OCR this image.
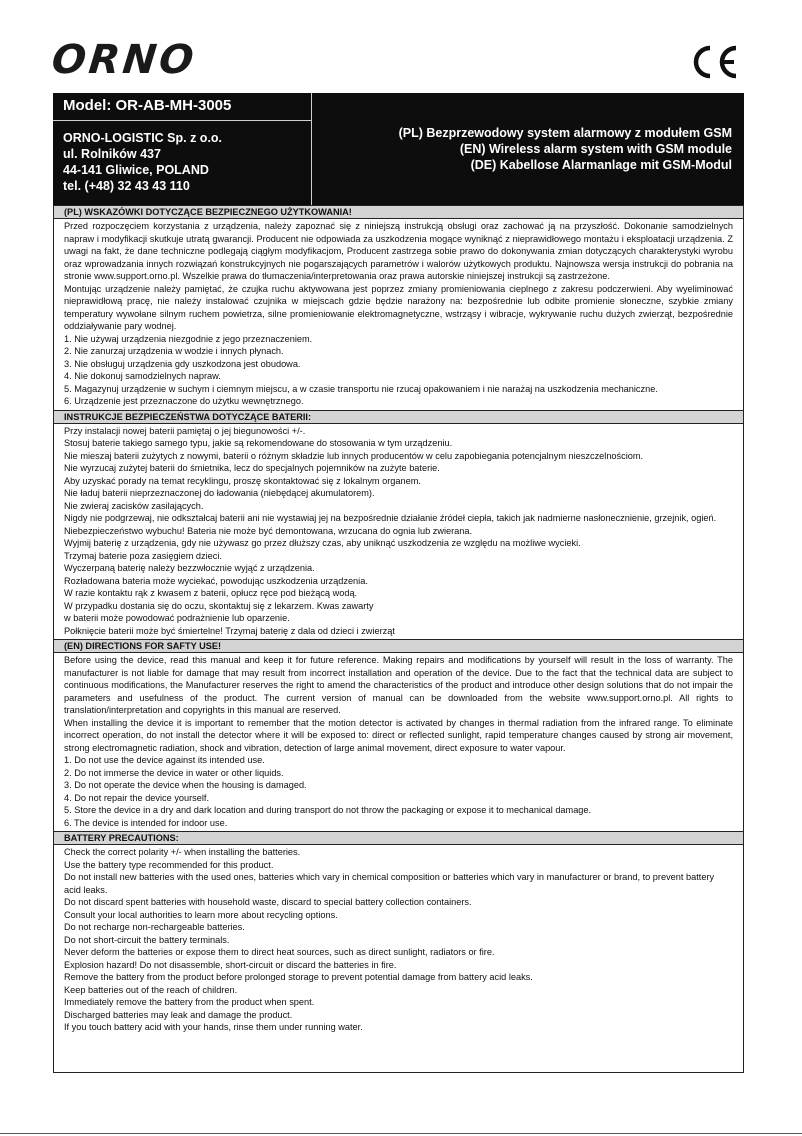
ORNO
Model: OR-AB-MH-3005
ORNO-LOGISTIC Sp. z o.o.
ul. Rolników 437
44-141 Gliwice, POLAND
tel. (+48) 32 43 43 110
(PL) Bezprzewodowy system alarmowy z modułem GSM
(EN) Wireless alarm system with GSM module
(DE) Kabellose Alarmanlage mit GSM-Modul
(PL) WSKAZÓWKI DOTYCZĄCE BEZPIECZNEGO UŻYTKOWANIA!

Przed rozpoczęciem korzystania z urządzenia, należy zapoznać się z niniejszą instrukcją obsługi oraz zachować ją na przyszłość. Dokonanie samodzielnych napraw i modyfikacji skutkuje utratą gwarancji. Producent nie odpowiada za uszkodzenia mogące wyniknąć z nieprawidłowego montażu i eksploatacji urządzenia. Z uwagi na fakt, że dane techniczne podlegają ciągłym modyfikacjom, Producent zastrzega sobie prawo do dokonywania zmian dotyczących charakterystyki wyrobu oraz wprowadzania innych rozwiązań konstrukcyjnych nie pogarszających parametrów i walorów użytkowych produktu. Najnowsza wersja instrukcji do pobrania na stronie www.support.orno.pl. Wszelkie prawa do tłumaczenia/interpretowania oraz prawa autorskie niniejszej instrukcji są zastrzeżone.

Montując urządzenie należy pamiętać, że czujka ruchu aktywowana jest poprzez zmiany promieniowania cieplnego z zakresu podczerwieni. Aby wyeliminować nieprawidłową pracę, nie należy instalować czujnika w miejscach gdzie będzie narażony na: bezpośrednie lub odbite promienie słoneczne, szybkie zmiany temperatury wywołane silnym ruchem powietrza, silne promieniowanie elektromagnetyczne, wstrząsy i wibracje, wykrywanie ruchu dużych zwierząt, bezpośrednie oddziaływanie pary wodnej.

1. Nie używaj urządzenia niezgodnie z jego przeznaczeniem.

2. Nie zanurzaj urządzenia w wodzie i innych płynach.

3. Nie obsługuj urządzenia gdy uszkodzona jest obudowa.

4. Nie dokonuj samodzielnych napraw.

5. Magazynuj urządzenie w suchym i ciemnym miejscu, a w czasie transportu nie rzucaj opakowaniem i nie narażaj na uszkodzenia mechaniczne.

6. Urządzenie jest przeznaczone do użytku wewnętrznego.

INSTRUKCJE BEZPIECZEŃSTWA DOTYCZĄCE BATERII:

Przy instalacji nowej baterii pamiętaj o jej biegunowości +/-.

Stosuj baterie takiego samego typu, jakie są rekomendowane do stosowania w tym urządzeniu.

Nie mieszaj baterii zużytych z nowymi, baterii o różnym składzie lub innych producentów w celu zapobiegania potencjalnym nieszczelnościom.

Nie wyrzucaj zużytej baterii do śmietnika, lecz do specjalnych pojemników na zużyte baterie.

Aby uzyskać porady na temat recyklingu, proszę skontaktować się z lokalnym organem.

Nie ładuj baterii nieprzeznaczonej do ładowania (niebędącej akumulatorem).

Nie zwieraj zacisków zasilających.

Nigdy nie podgrzewaj, nie odkształcaj baterii ani nie wystawiaj jej na bezpośrednie działanie źródeł ciepła, takich jak nadmierne nasłonecznienie, grzejnik, ogień.

Niebezpieczeństwo wybuchu! Bateria nie może być demontowana, wrzucana do ognia lub zwierana.

Wyjmij baterię z urządzenia, gdy nie używasz go przez dłuższy czas, aby uniknąć uszkodzenia ze względu na możliwe wycieki.

Trzymaj baterie poza zasięgiem dzieci.

Wyczerpaną baterię należy bezzwłocznie wyjąć z urządzenia.

Rozładowana bateria może wyciekać, powodując uszkodzenia urządzenia.

W razie kontaktu rąk z kwasem z baterii, opłucz ręce pod bieżącą wodą.

W przypadku dostania się do oczu, skontaktuj się z lekarzem. Kwas zawarty

w baterii może powodować podrażnienie lub oparzenie.

Połknięcie baterii może być śmiertelne! Trzymaj baterię z dala od dzieci i zwierząt

(EN) DIRECTIONS FOR SAFTY USE!

Before using the device, read this manual and keep it for future reference. Making repairs and modifications by yourself will result in the loss of warranty. The manufacturer is not liable for damage that may result from incorrect installation and operation of the device. Due to the fact that the technical data are subject to continuous modifications, the Manufacturer reserves the right to amend the characteristics of the product and introduce other design solutions that do not impair the parameters and usefulness of the product. The current version of manual can be downloaded from the website www.support.orno.pl. All rights to translation/interpretation and copyrights in this manual are reserved.

When installing the device it is important to remember that the motion detector is activated by changes in thermal radiation from the infrared range. To eliminate incorrect operation, do not install the detector where it will be exposed to: direct or reflected sunlight, rapid temperature changes caused by strong air movement, strong electromagnetic radiation, shock and vibration, detection of large animal movement, direct exposure to water vapour.

1. Do not use the device against its intended use.

2. Do not immerse the device in water or other liquids.

3. Do not operate the device when the housing is damaged.

4. Do not repair the device yourself.

5. Store the device in a dry and dark location and during transport do not throw the packaging or expose it to mechanical damage.

6. The device is intended for indoor use.

BATTERY PRECAUTIONS:

Check the correct polarity +/- when installing the batteries.

Use the battery type recommended for this product.

Do not install new batteries with the used ones, batteries which vary in chemical composition or batteries which vary in manufacturer or brand, to prevent battery acid leaks.

Do not discard spent batteries with household waste, discard to special battery collection containers.

Consult your local authorities to learn more about recycling options.

Do not recharge non-rechargeable batteries.

Do not short-circuit the battery terminals.

Never deform the batteries or expose them to direct heat sources, such as direct sunlight, radiators or fire.

Explosion hazard! Do not disassemble, short-circuit or discard the batteries in fire.

Remove the battery from the product before prolonged storage to prevent potential damage from battery acid leaks.

Keep batteries out of the reach of children.

Immediately remove the battery from the product when spent.

Discharged batteries may leak and damage the product.

If you touch battery acid with your hands, rinse them under running water.
